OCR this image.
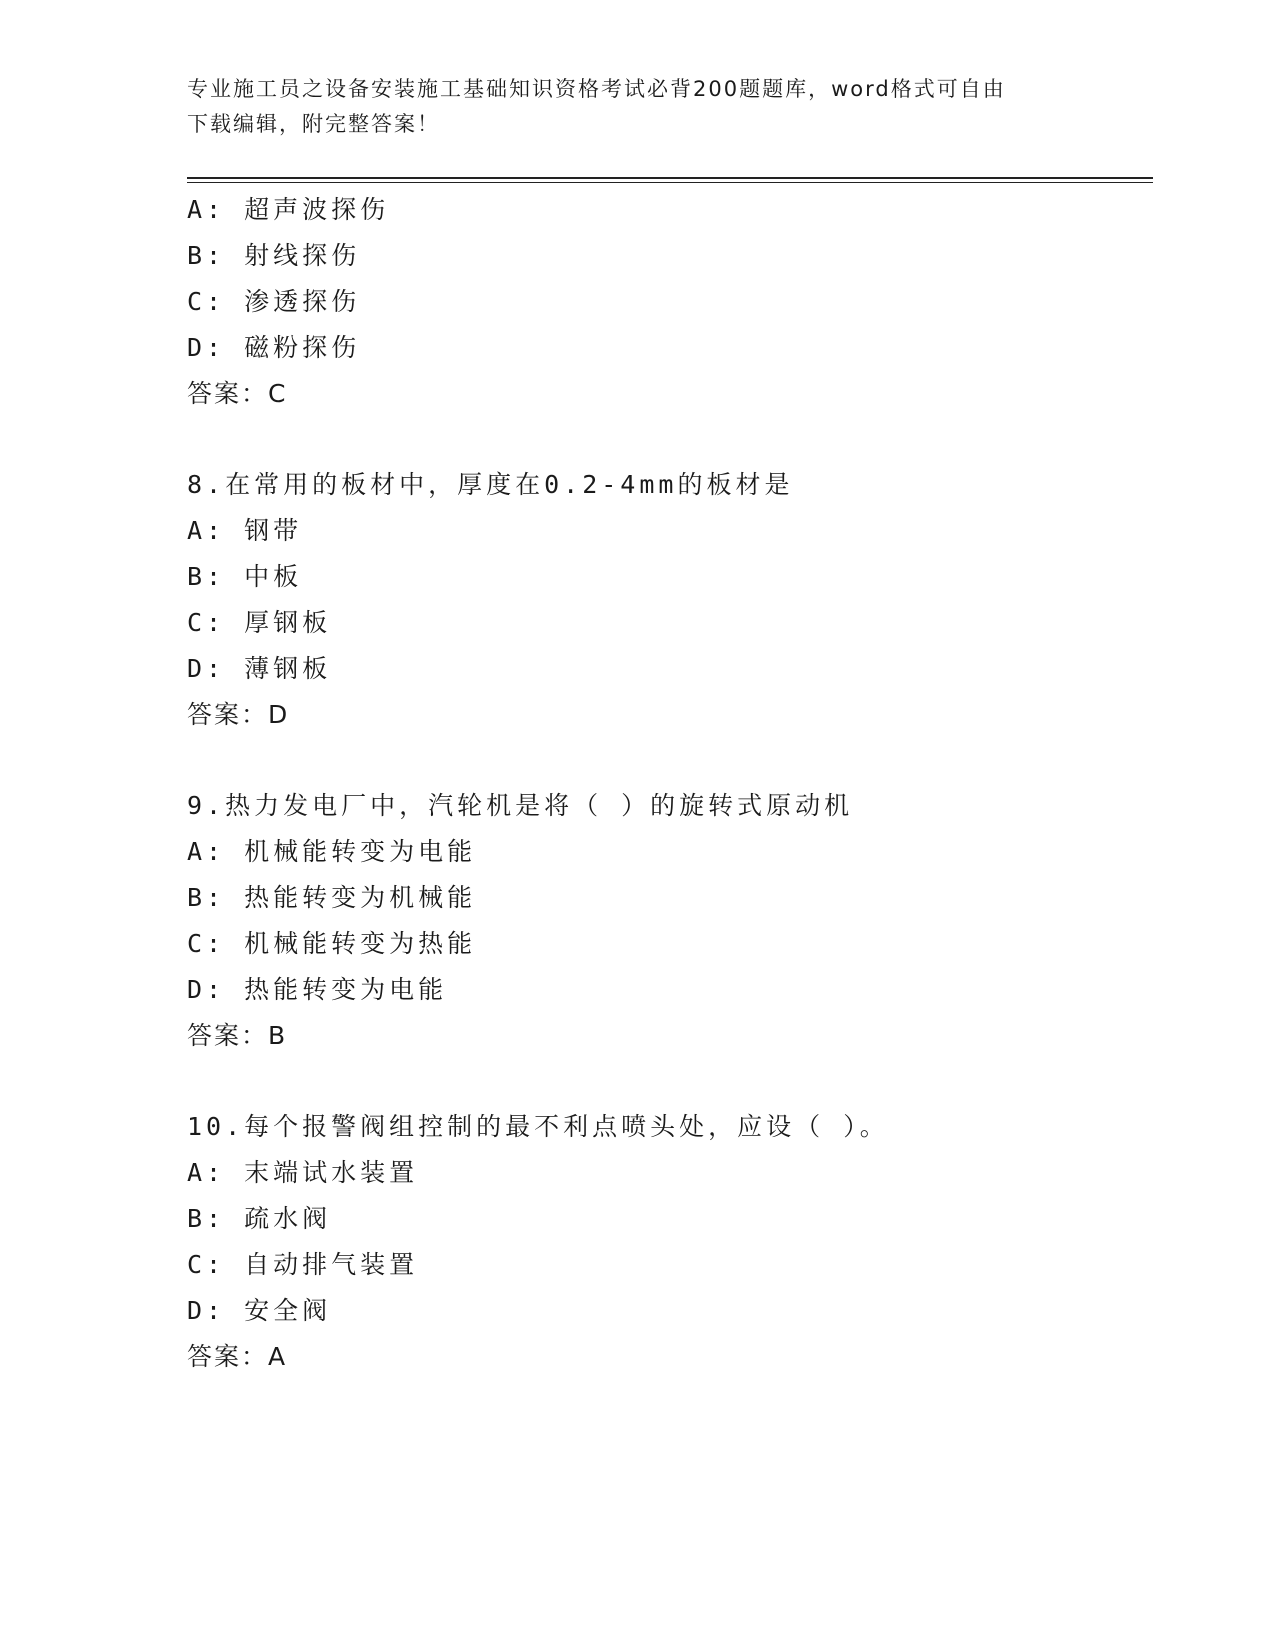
专业施工员之设备安装施工基础知识资格考试必背200题题库，word格式可自由
下载编辑，附完整答案！
A: 超声波探伤
B: 射线探伤
C: 渗透探伤
D: 磁粉探伤
答案：C
8.在常用的板材中，厚度在0.2-4mm的板材是
A: 钢带
B: 中板
C: 厚钢板
D: 薄钢板
答案：D
9.热力发电厂中，汽轮机是将（ ）的旋转式原动机
A: 机械能转变为电能
B: 热能转变为机械能
C: 机械能转变为热能
D: 热能转变为电能
答案：B
10.每个报警阀组控制的最不利点喷头处，应设（ ）。
A: 末端试水装置
B: 疏水阀
C: 自动排气装置
D: 安全阀
答案：A
